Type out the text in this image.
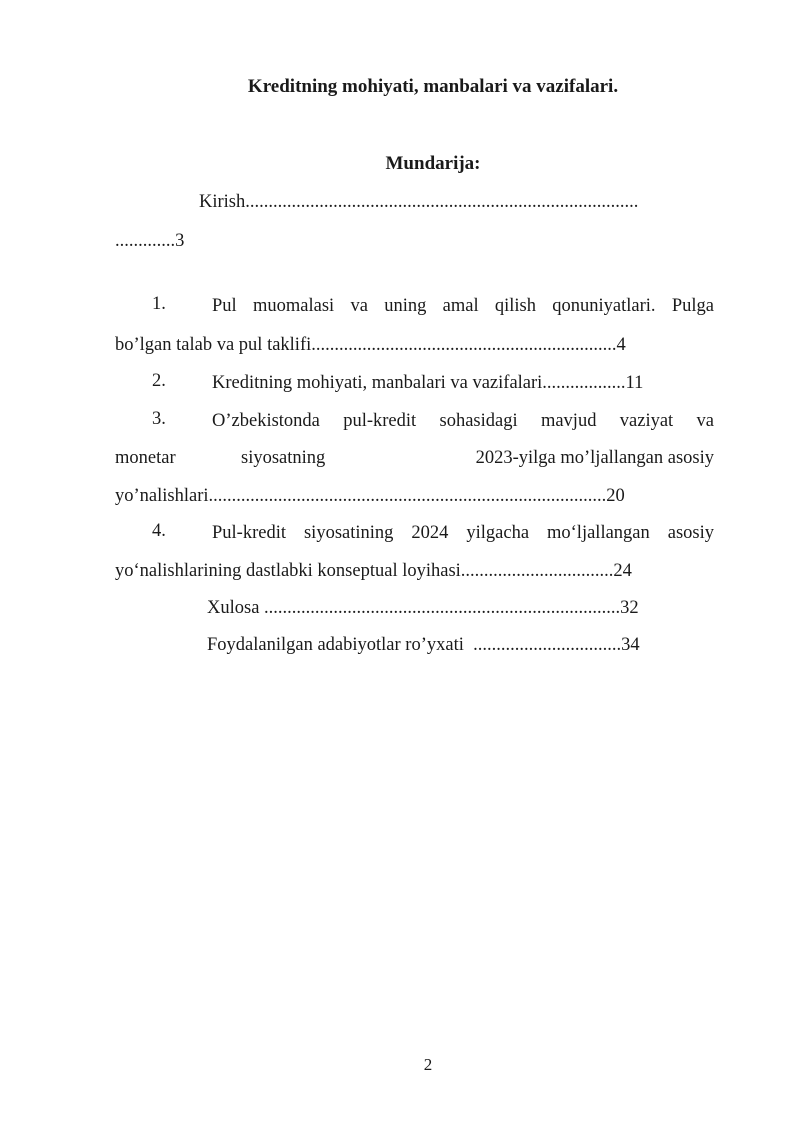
Kreditning mohiyati, manbalari va vazifalari.
Mundarija:
Kirish.....................................................................................
.............3
1. Pul muomalasi va uning amal qilish qonuniyatlari. Pulga
bo’lgan talab va pul taklifi..................................................................4
2. Kreditning mohiyati, manbalari va vazifalari..................11
3. O’zbekistonda pul-kredit sohasidagi mavjud vaziyat va
monetar	siyosatning	2023-yilga mo’ljallangan asosiy
yo’nalishlari......................................................................................20
4. Pul-kredit siyosatining 2024 yilgacha mo‘ljallangan asosiy
yo‘nalishlarining dastlabki konseptual loyihasi.................................24
Xulosa .............................................................................32
Foydalanilgan adabiyotlar ro’yxati  ................................34
2
